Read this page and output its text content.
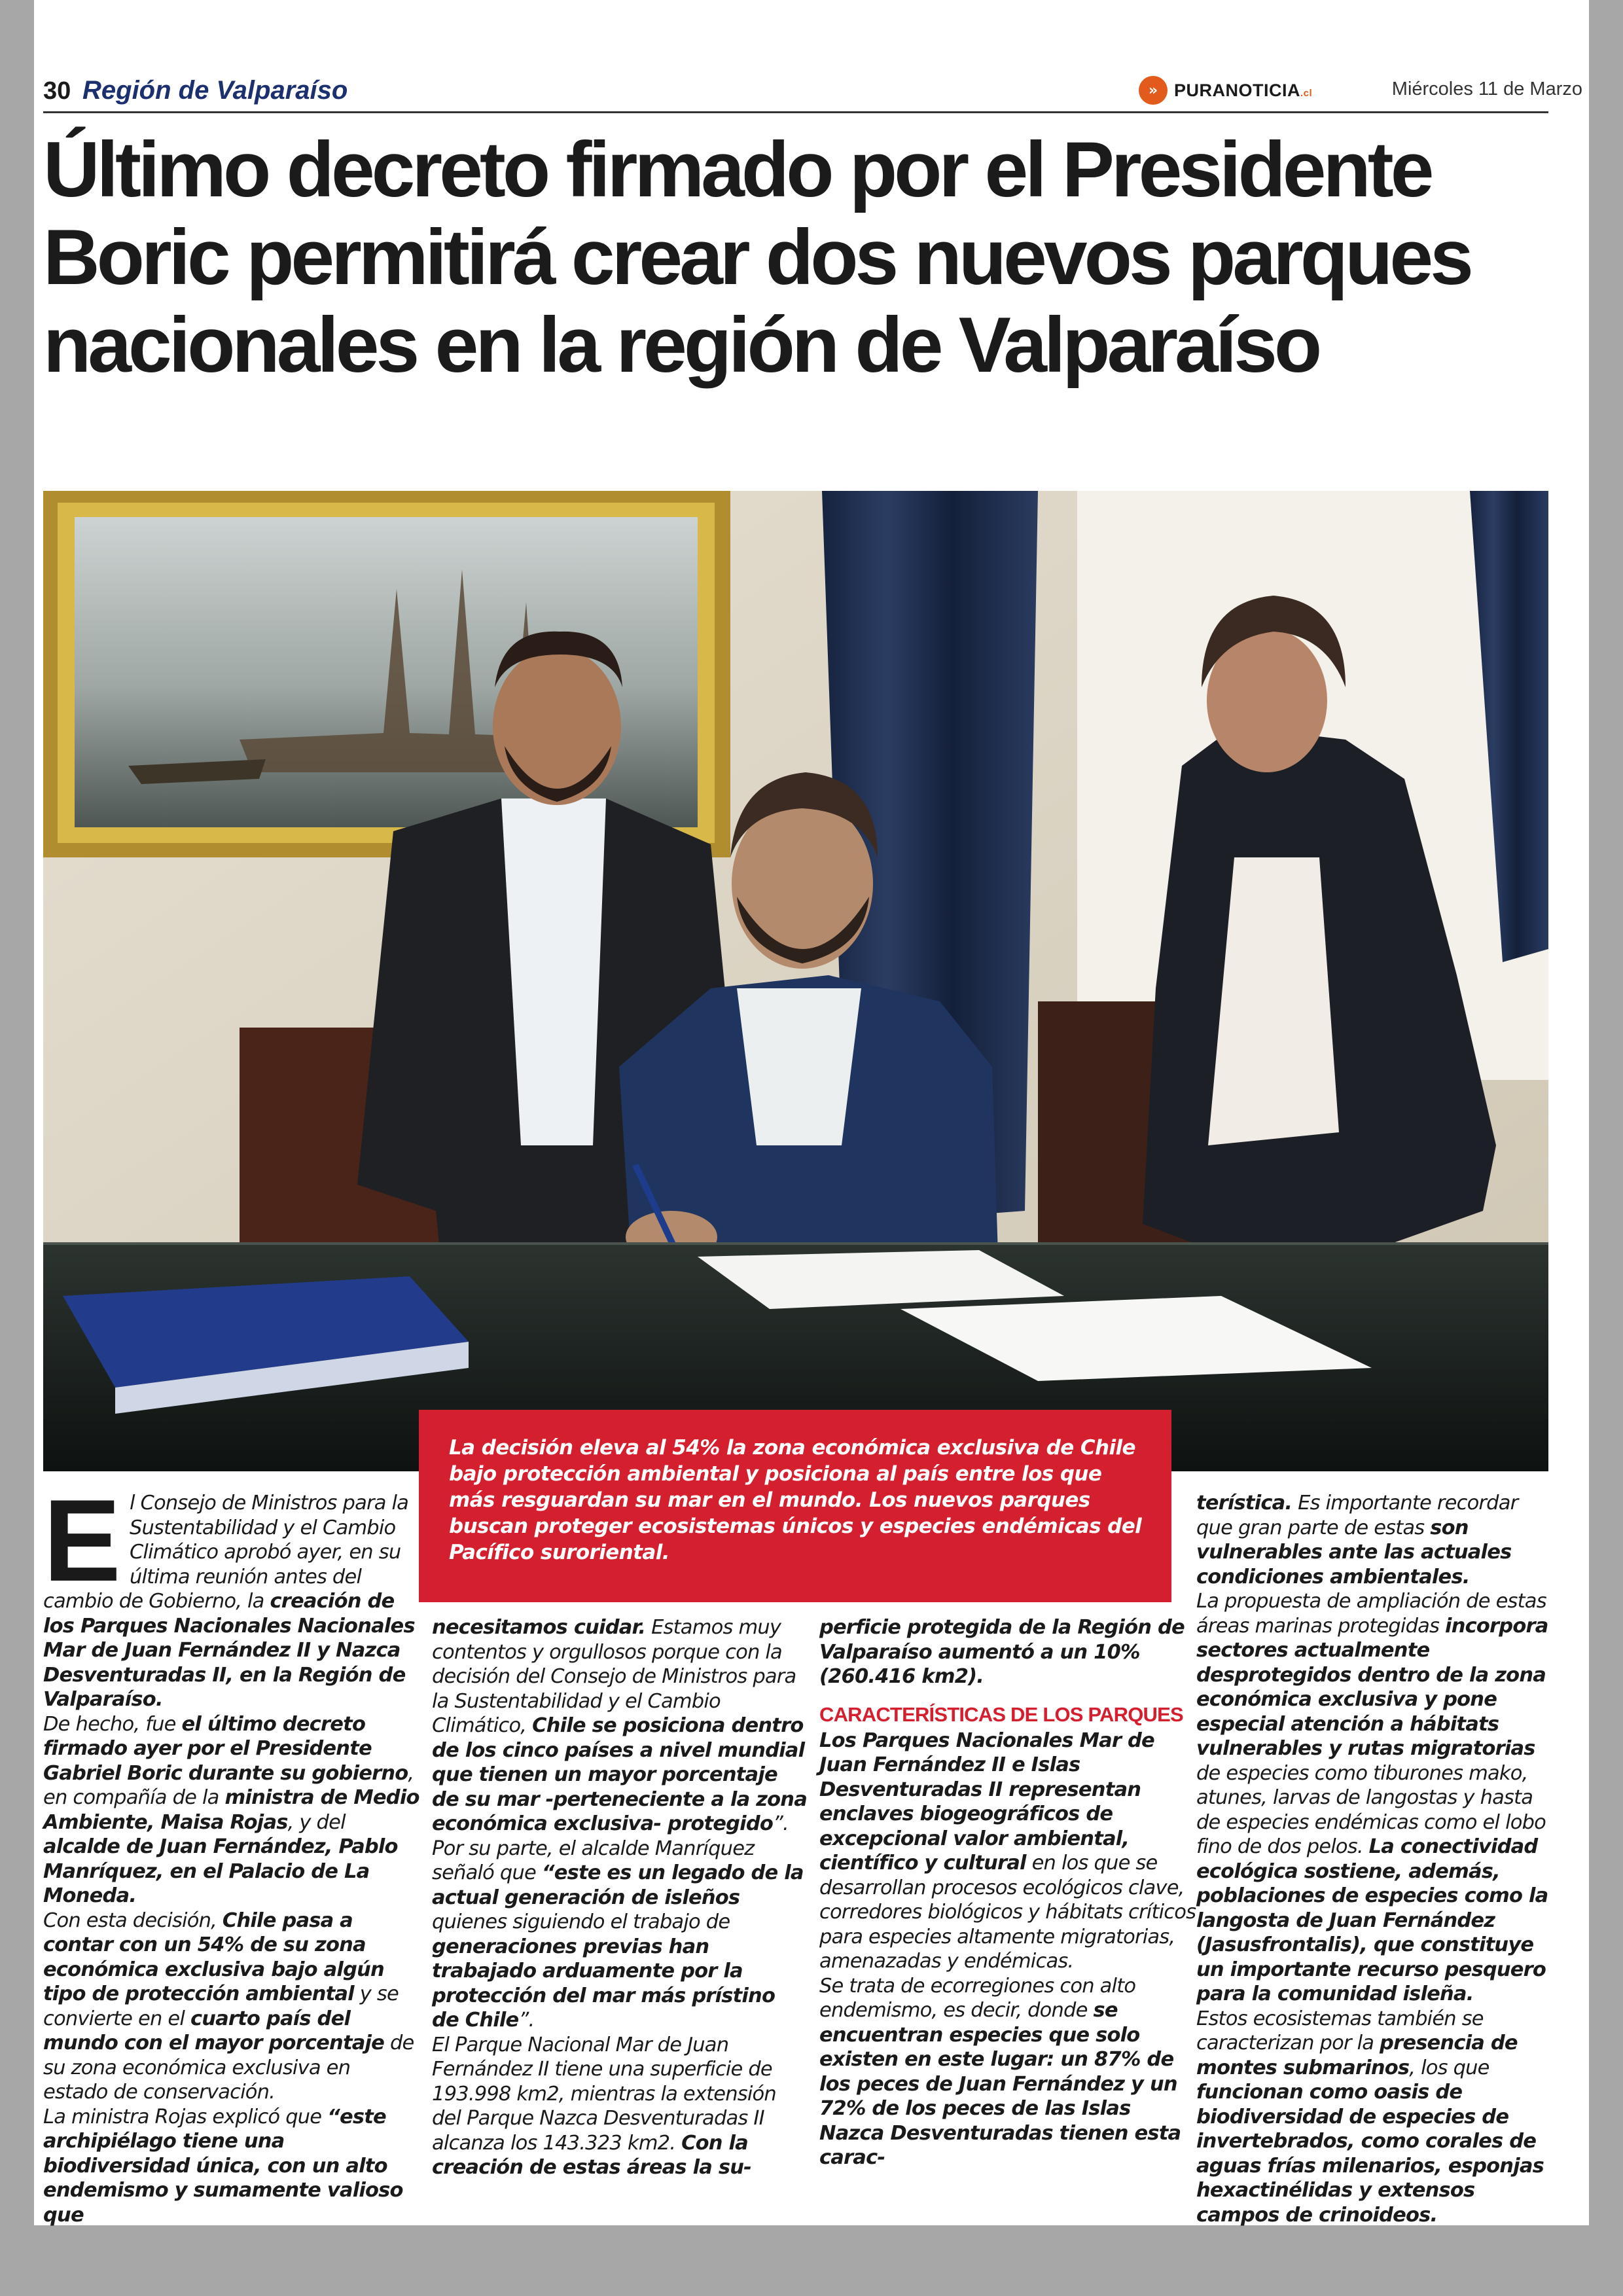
30 Región de Valparaíso	» PURANOTICIA.cl	Miércoles 11 de Marzo
Último decreto firmado por el Presidente Boric permitirá crear dos nuevos parques nacionales en la región de Valparaíso
La decisión eleva al 54% la zona económica exclusiva de Chile bajo protección ambiental y posiciona al país entre los que más resguardan su mar en el mundo. Los nuevos parques buscan proteger ecosistemas únicos y especies endémicas del Pacífico suroriental.
E l Consejo de Ministros para la Sustentabilidad y el Cambio Climático aprobó ayer, en su última reunión antes del cambio de Gobierno, la creación de los Parques Nacionales Nacionales Mar de Juan Fernández II y Nazca Desventuradas II, en la Región de Valparaíso.
De hecho, fue el último decreto firmado ayer por el Presidente Gabriel Boric durante su gobierno, en compañía de la ministra de Medio Ambiente, Maisa Rojas, y del alcalde de Juan Fernández, Pablo Manríquez, en el Palacio de La Moneda.
Con esta decisión, Chile pasa a contar con un 54% de su zona económica exclusiva bajo algún tipo de protección ambiental y se convierte en el cuarto país del mundo con el mayor porcentaje de su zona económica exclusiva en estado de conservación.
La ministra Rojas explicó que “este archipiélago tiene una biodiversidad única, con un alto endemismo y sumamente valioso que

necesitamos cuidar. Estamos muy contentos y orgullosos porque con la decisión del Consejo de Ministros para la Sustentabilidad y el Cambio Climático, Chile se posiciona dentro de los cinco países a nivel mundial que tienen un mayor porcentaje de su mar -perteneciente a la zona económica exclusiva- protegido”.
Por su parte, el alcalde Manríquez señaló que “este es un legado de la actual generación de isleños quienes siguiendo el trabajo de generaciones previas han trabajado arduamente por la protección del mar más prístino de Chile”.
El Parque Nacional Mar de Juan Fernández II tiene una superficie de 193.998 km2, mientras la extensión del Parque Nazca Desventuradas II alcanza los 143.323 km2. Con la creación de estas áreas la su-

perficie protegida de la Región de Valparaíso aumentó a un 10% (260.416 km2).

CARACTERÍSTICAS DE LOS PARQUES

Los Parques Nacionales Mar de Juan Fernández II e Islas Desventuradas II representan enclaves biogeográficos de excepcional valor ambiental, científico y cultural en los que se desarrollan procesos ecológicos clave, corredores biológicos y hábitats críticos para especies altamente migratorias, amenazadas y endémicas.
Se trata de ecorregiones con alto endemismo, es decir, donde se encuentran especies que solo existen en este lugar: un 87% de los peces de Juan Fernández y un 72% de los peces de las Islas Nazca Desventuradas tienen esta carac-

terística. Es importante recordar que gran parte de estas son vulnerables ante las actuales condiciones ambientales.
La propuesta de ampliación de estas áreas marinas protegidas incorpora sectores actualmente desprotegidos dentro de la zona económica exclusiva y pone especial atención a hábitats vulnerables y rutas migratorias de especies como tiburones mako, atunes, larvas de langostas y hasta de especies endémicas como el lobo fino de dos pelos. La conectividad ecológica sostiene, además, poblaciones de especies como la langosta de Juan Fernández (Jasusfrontalis), que constituye un importante recurso pesquero para la comunidad isleña.
Estos ecosistemas también se caracterizan por la presencia de montes submarinos, los que funcionan como oasis de biodiversidad de especies de invertebrados, como corales de aguas frías milenarios, esponjas hexactinélidas y extensos campos de crinoideos.
